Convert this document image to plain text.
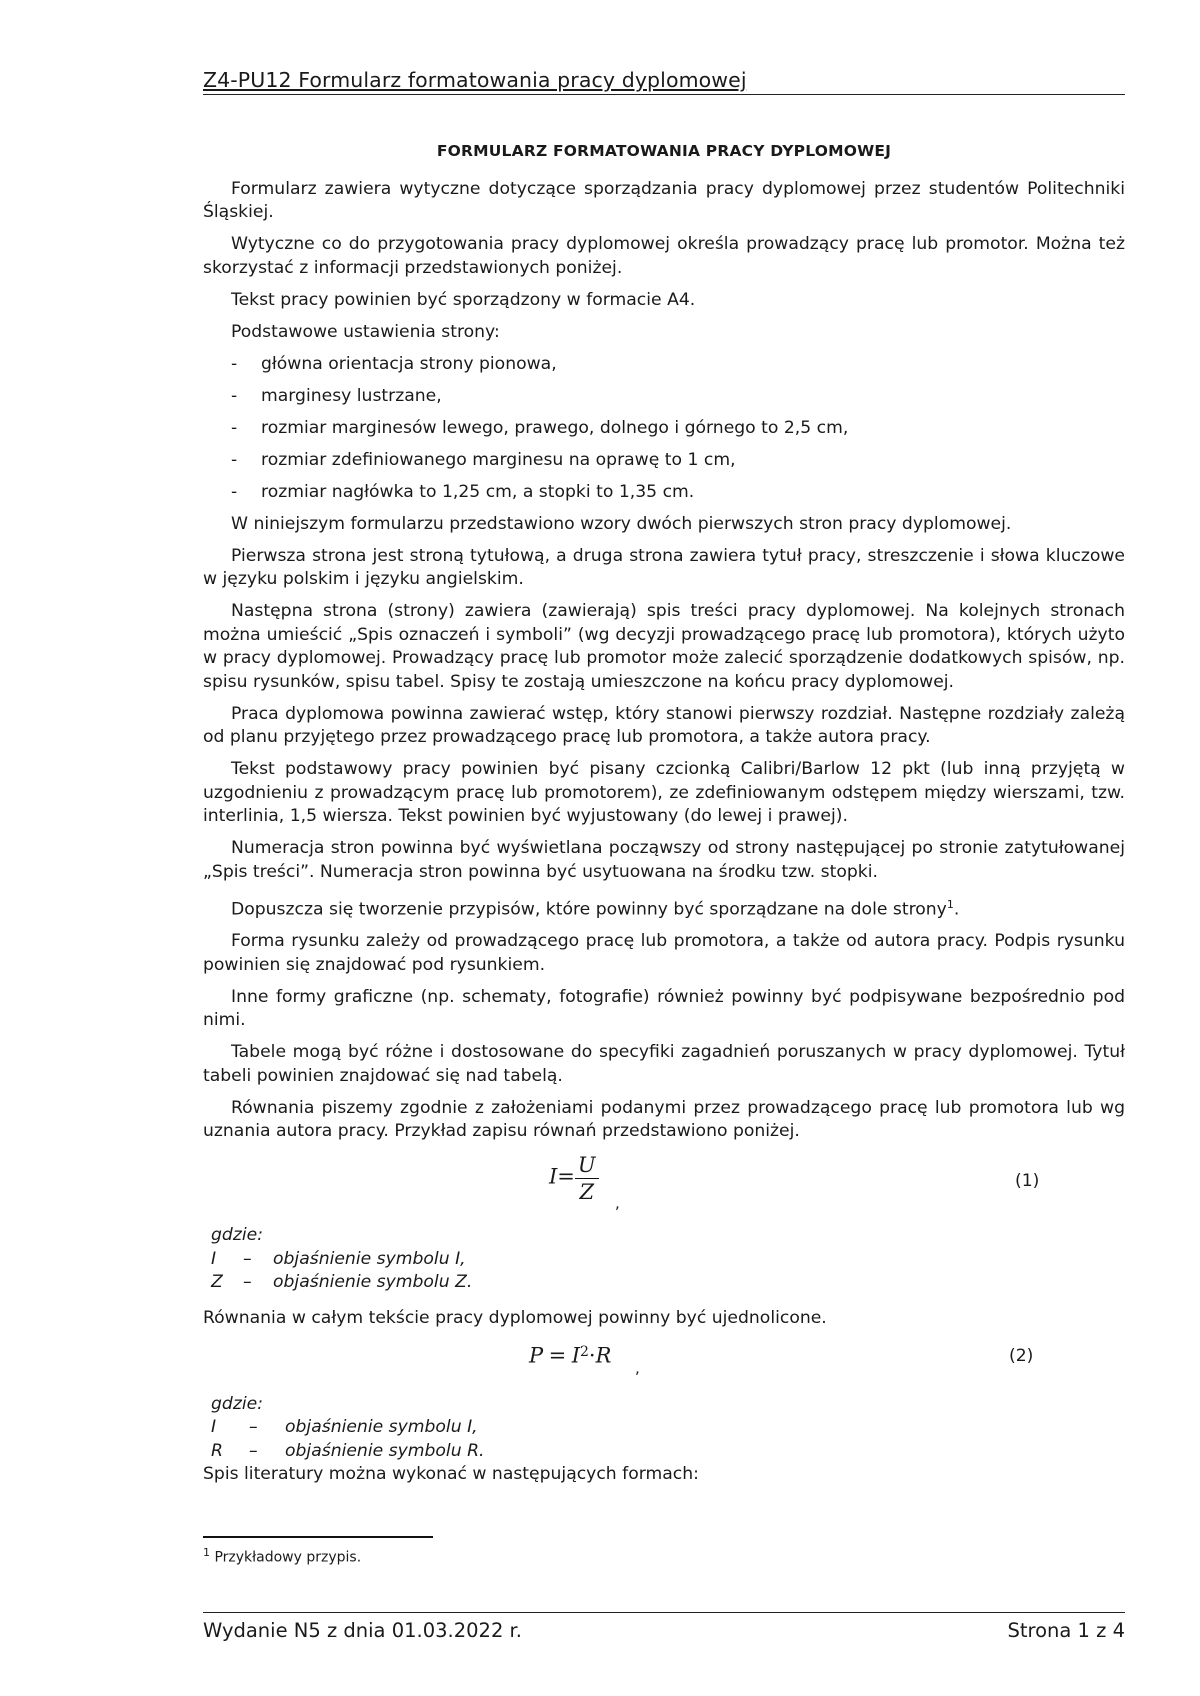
Z4-PU12 Formularz formatowania pracy dyplomowej
FORMULARZ FORMATOWANIA PRACY DYPLOMOWEJ

Formularz zawiera wytyczne dotyczące sporządzania pracy dyplomowej przez studentów Politechniki Śląskiej.

Wytyczne co do przygotowania pracy dyplomowej określa prowadzący pracę lub promotor. Można też skorzystać z informacji przedstawionych poniżej.

Tekst pracy powinien być sporządzony w formacie A4.

Podstawowe ustawienia strony:

- główna orientacja strony pionowa,
- marginesy lustrzane,
- rozmiar marginesów lewego, prawego, dolnego i górnego to 2,5 cm,
- rozmiar zdefiniowanego marginesu na oprawę to 1 cm,
- rozmiar nagłówka to 1,25 cm, a stopki to 1,35 cm.

W niniejszym formularzu przedstawiono wzory dwóch pierwszych stron pracy dyplomowej.

Pierwsza strona jest stroną tytułową, a druga strona zawiera tytuł pracy, streszczenie i słowa kluczowe w języku polskim i języku angielskim.

Następna strona (strony) zawiera (zawierają) spis treści pracy dyplomowej. Na kolejnych stronach można umieścić „Spis oznaczeń i symboli” (wg decyzji prowadzącego pracę lub promotora), których użyto w pracy dyplomowej. Prowadzący pracę lub promotor może zalecić sporządzenie dodatkowych spisów, np. spisu rysunków, spisu tabel. Spisy te zostają umieszczone na końcu pracy dyplomowej.

Praca dyplomowa powinna zawierać wstęp, który stanowi pierwszy rozdział. Następne rozdziały zależą od planu przyjętego przez prowadzącego pracę lub promotora, a także autora pracy.

Tekst podstawowy pracy powinien być pisany czcionką Calibri/Barlow 12 pkt (lub inną przyjętą w uzgodnieniu z prowadzącym pracę lub promotorem), ze zdefiniowanym odstępem między wierszami, tzw. interlinia, 1,5 wiersza. Tekst powinien być wyjustowany (do lewej i prawej).

Numeracja stron powinna być wyświetlana począwszy od strony następującej po stronie zatytułowanej „Spis treści”. Numeracja stron powinna być usytuowana na środku tzw. stopki.

Dopuszcza się tworzenie przypisów, które powinny być sporządzane na dole strony$^1$.

Forma rysunku zależy od prowadzącego pracę lub promotora, a także od autora pracy. Podpis rysunku powinien się znajdować pod rysunkiem.

Inne formy graficzne (np. schematy, fotografie) również powinny być podpisywane bezpośrednio pod nimi.

Tabele mogą być różne i dostosowane do specyfiki zagadnień poruszanych w pracy dyplomowej. Tytuł tabeli powinien znajdować się nad tabelą.

Równania piszemy zgodnie z założeniami podanymi przez prowadzącego pracę lub promotora lub wg uznania autora pracy. Przykład zapisu równań przedstawiono poniżej.

$I= \frac{U}{Z}$ ,
(1)
gdzie:
I – objaśnienie symbolu I,
Z – objaśnienie symbolu Z.

Równania w całym tekście pracy dyplomowej powinny być ujednolicone.

$P = I^2\cdot R$
,
(2)
gdzie:
I – objaśnienie symbolu I,
R – objaśnienie symbolu R.

Spis literatury można wykonać w następujących formach:

$^1$ Przykładowy przypis.
Wydanie N5 z dnia 01.03.2022 r.	Strona 1 z 4
